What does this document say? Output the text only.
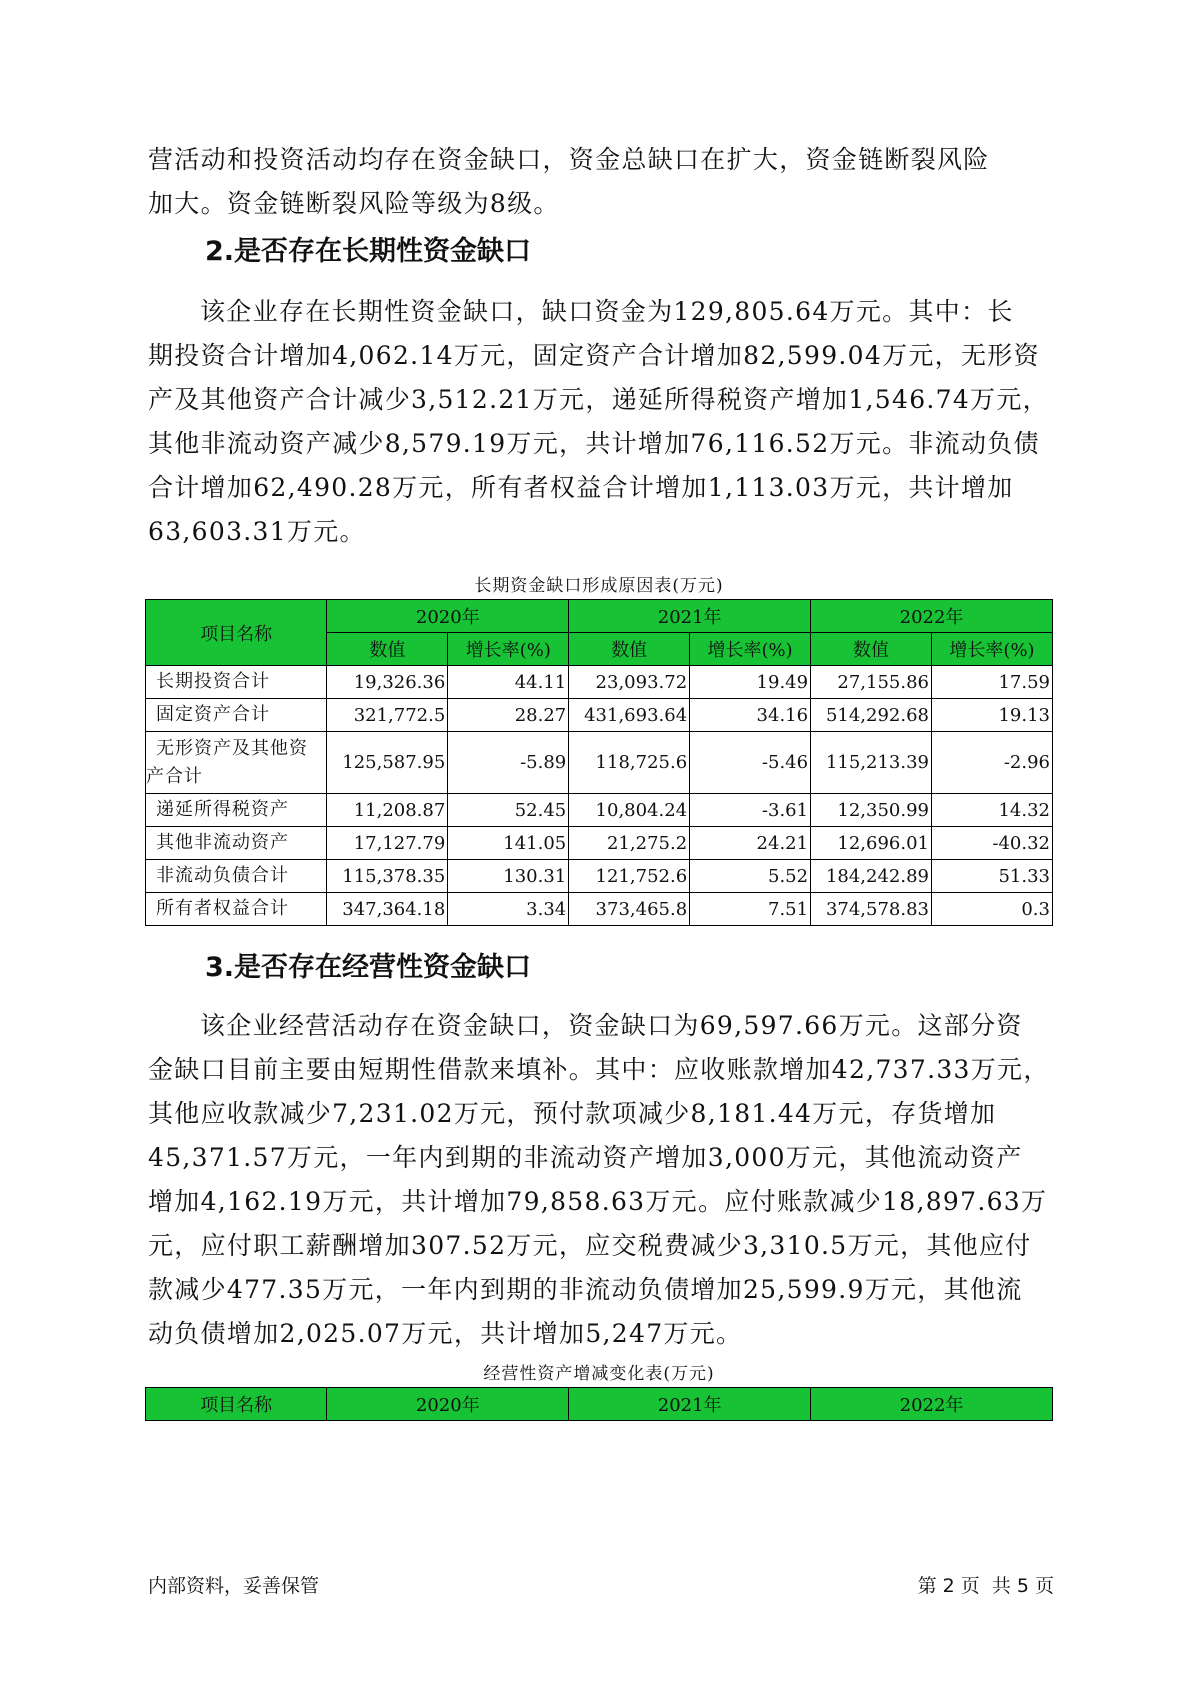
营活动和投资活动均存在资金缺口，资金总缺口在扩大，资金链断裂风险
加大。资金链断裂风险等级为8级。
2.是否存在长期性资金缺口
该企业存在长期性资金缺口，缺口资金为129,805.64万元。其中：长
期投资合计增加4,062.14万元，固定资产合计增加82,599.04万元，无形资
产及其他资产合计减少3,512.21万元，递延所得税资产增加1,546.74万元，
其他非流动资产减少8,579.19万元，共计增加76,116.52万元。非流动负债
合计增加62,490.28万元，所有者权益合计增加1,113.03万元，共计增加
63,603.31万元。
长期资金缺口形成原因表(万元)
项目名称	2020年		2021年		2022年	
	数值	增长率(%)	数值	增长率(%)	数值	增长率(%)
长期投资合计	19,326.36	44.11	23,093.72	19.49	27,155.86	17.59
固定资产合计	321,772.5	28.27	431,693.64	34.16	514,292.68	19.13

无形资产及其他资
产合计	125,587.95	-5.89	118,725.6	-5.46	115,213.39	-2.96
递延所得税资产	11,208.87	52.45	10,804.24	-3.61	12,350.99	14.32
其他非流动资产	17,127.79	141.05	21,275.2	24.21	12,696.01	-40.32
非流动负债合计	115,378.35	130.31	121,752.6	5.52	184,242.89	51.33
所有者权益合计	347,364.18	3.34	373,465.8	7.51	374,578.83	0.3
3.是否存在经营性资金缺口
该企业经营活动存在资金缺口，资金缺口为69,597.66万元。这部分资
金缺口目前主要由短期性借款来填补。其中：应收账款增加42,737.33万元，
其他应收款减少7,231.02万元，预付款项减少8,181.44万元，存货增加
45,371.57万元，一年内到期的非流动资产增加3,000万元，其他流动资产
增加4,162.19万元，共计增加79,858.63万元。应付账款减少18,897.63万
元，应付职工薪酬增加307.52万元，应交税费减少3,310.5万元，其他应付
款减少477.35万元，一年内到期的非流动负债增加25,599.9万元，其他流
动负债增加2,025.07万元，共计增加5,247万元。
经营性资产增减变化表(万元)
项目名称	2020年	2021年	2022年
内部资料，妥善保管	第 2 页  共 5 页
